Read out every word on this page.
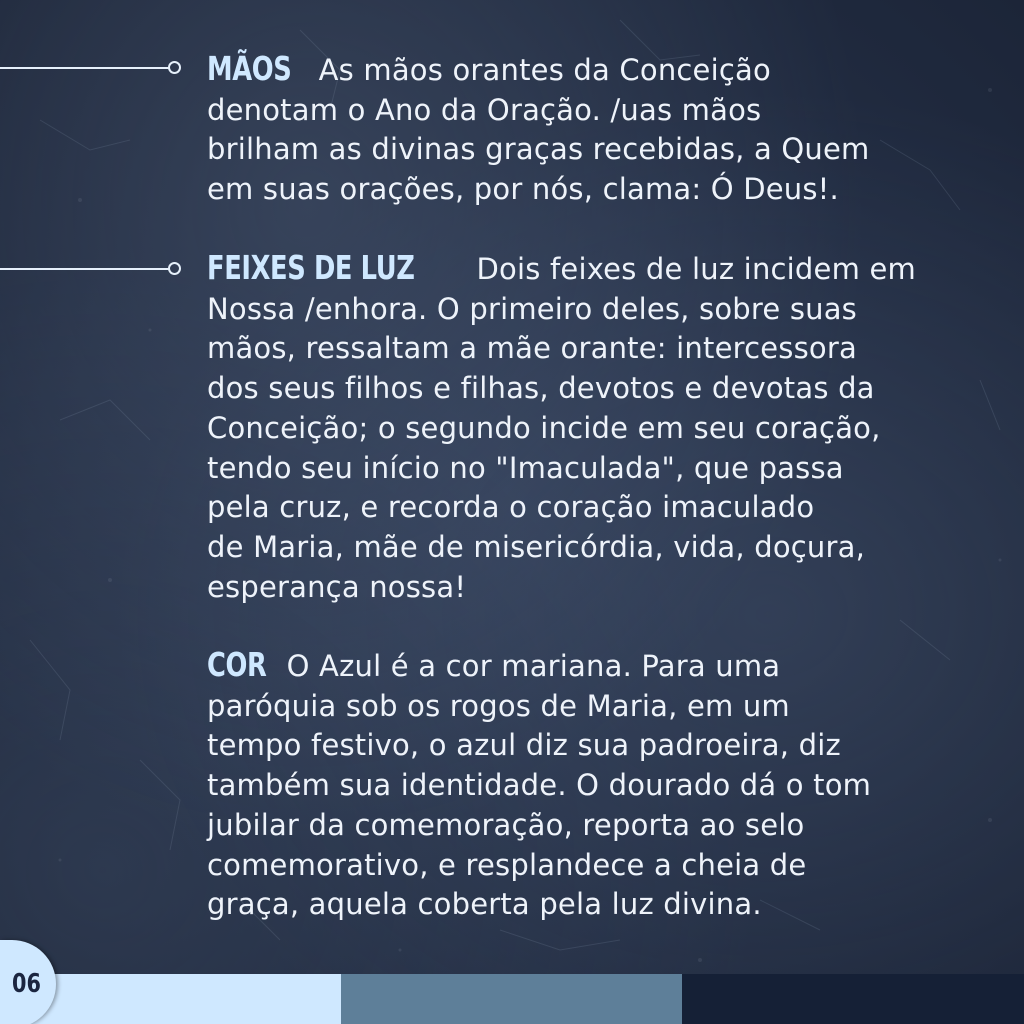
MÃOS As mãos orantes da Conceição
denotam o Ano da Oração. /uas mãos
brilham as divinas graças recebidas, a Quem
em suas orações, por nós, clama: Ó Deus!.
FEIXES DE LUZ Dois feixes de luz incidem em
Nossa /enhora. O primeiro deles, sobre suas
mãos, ressaltam a mãe orante: intercessora
dos seus filhos e filhas, devotos e devotas da
Conceição; o segundo incide em seu coração,
tendo seu início no "Imaculada", que passa
pela cruz, e recorda o coração imaculado
de Maria, mãe de misericórdia, vida, doçura,
esperança nossa!
COR O Azul é a cor mariana. Para uma
paróquia sob os rogos de Maria, em um
tempo festivo, o azul diz sua padroeira, diz
também sua identidade. O dourado dá o tom
jubilar da comemoração, reporta ao selo
comemorativo, e resplandece a cheia de
graça, aquela coberta pela luz divina.
06
